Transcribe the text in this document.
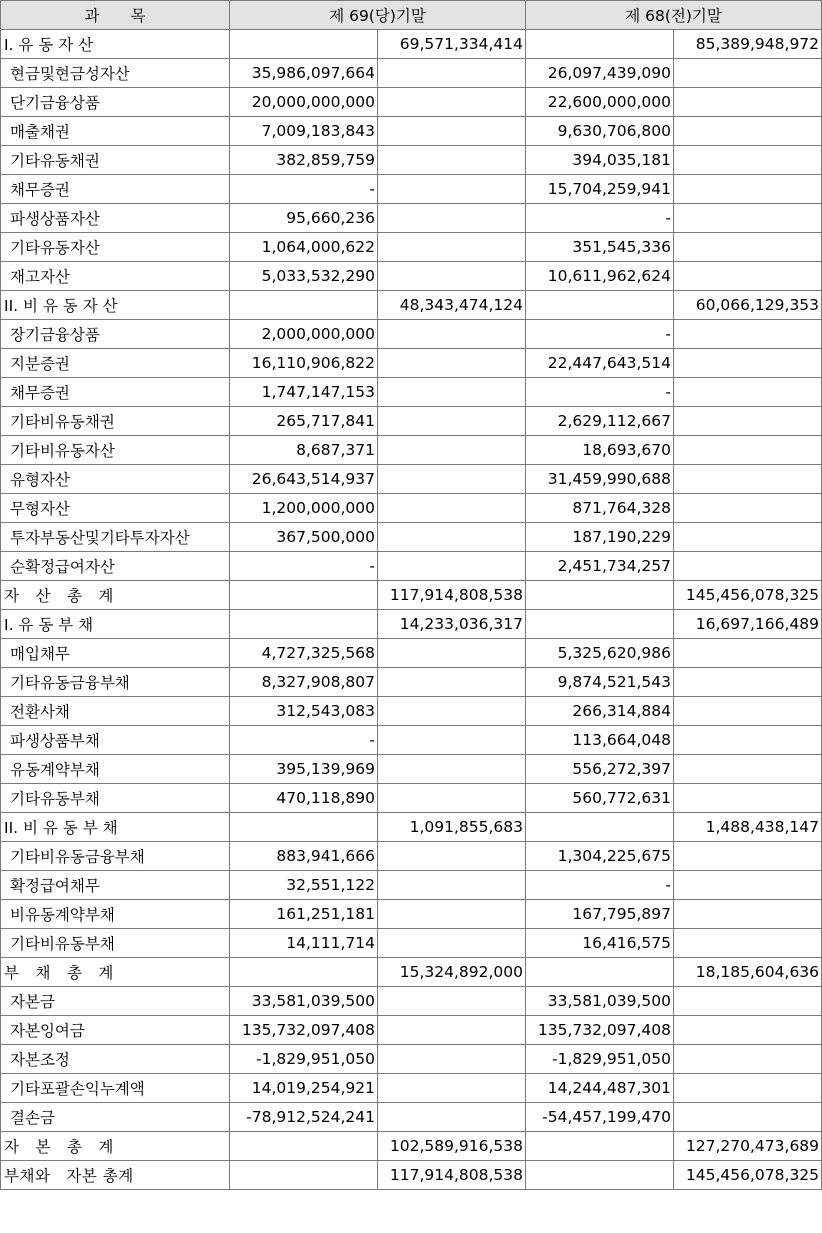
과　　목	제 69(당)기말		제 68(전)기말	
I. 유 동 자 산		69,571,334,414		85,389,948,972
현금및현금성자산	35,986,097,664		26,097,439,090	
단기금융상품	20,000,000,000		22,600,000,000	
매출채권	7,009,183,843		9,630,706,800	
기타유동채권	382,859,759		394,035,181	
채무증권	-		15,704,259,941	
파생상품자산	95,660,236		-	
기타유동자산	1,064,000,622		351,545,336	
재고자산	5,033,532,290		10,611,962,624	
II. 비 유 동 자 산		48,343,474,124		60,066,129,353
장기금융상품	2,000,000,000		-	
지분증권	16,110,906,822		22,447,643,514	
채무증권	1,747,147,153		-	
기타비유동채권	265,717,841		2,629,112,667	
기타비유동자산	8,687,371		18,693,670	
유형자산	26,643,514,937		31,459,990,688	
무형자산	1,200,000,000		871,764,328	
투자부동산및기타투자자산	367,500,000		187,190,229	
순확정급여자산	-		2,451,734,257	
자　산　총　계		117,914,808,538		145,456,078,325
I. 유 동 부 채		14,233,036,317		16,697,166,489
매입채무	4,727,325,568		5,325,620,986	
기타유동금융부채	8,327,908,807		9,874,521,543	
전환사채	312,543,083		266,314,884	
파생상품부채	-		113,664,048	
유동계약부채	395,139,969		556,272,397	
기타유동부채	470,118,890		560,772,631	
II. 비 유 동 부 채		1,091,855,683		1,488,438,147
기타비유동금융부채	883,941,666		1,304,225,675	
확정급여채무	32,551,122		-	
비유동계약부채	161,251,181		167,795,897	
기타비유동부채	14,111,714		16,416,575	
부　채　총　계		15,324,892,000		18,185,604,636
자본금	33,581,039,500		33,581,039,500	
자본잉여금	135,732,097,408		135,732,097,408	
자본조정	-1,829,951,050		-1,829,951,050	
기타포괄손익누계액	14,019,254,921		14,244,487,301	
결손금	-78,912,524,241		-54,457,199,470	
자　본　총　계		102,589,916,538		127,270,473,689
부채와　자본 총계		117,914,808,538		145,456,078,325
